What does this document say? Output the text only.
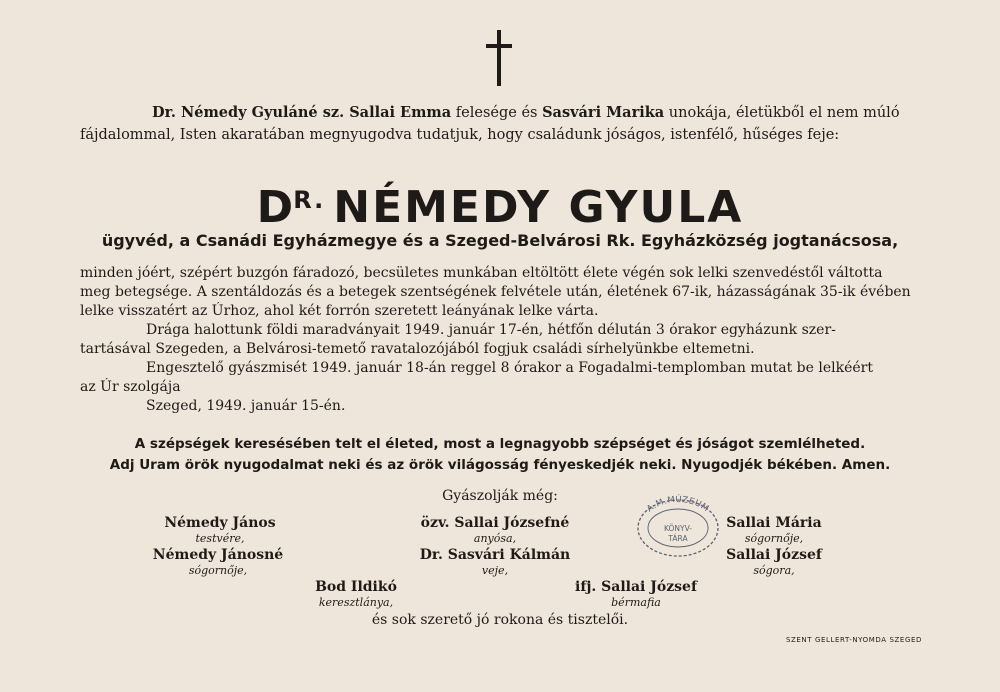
Dr. Némedy Gyuláné sz. Sallai Emma felesége és Sasvári Marika unokája, életükből el nem múló
fájdalommal, Isten akaratában megnyugodva tudatjuk, hogy családunk jóságos, istenfélő, hűséges feje:
$D^{R.}$ NÉMEDY GYULA
ügyvéd, a Csanádi Egyházmegye és a Szeged-Belvárosi Rk. Egyházközség jogtanácsosa,
minden jóért, szépért buzgón fáradozó, becsületes munkában eltöltött élete végén sok lelki szenvedéstől váltotta
meg betegsége. A szentáldozás és a betegek szentségének felvétele után, életének 67-ik, házasságának 35-ik évében
lelke visszatért az Úrhoz, ahol két forrón szeretett leányának lelke várta.
Drága halottunk földi maradványait 1949. január 17-én, hétfőn délután 3 órakor egyházunk szer-
tartásával Szegeden, a Belvárosi-temető ravatalozójából fogjuk családi sírhelyünkbe eltemetni.
Engesztelő gyászmisét 1949. január 18-án reggel 8 órakor a Fogadalmi-templomban mutat be lelkéért
az Úr szolgája
Szeged, 1949. január 15-én.
A szépségek keresésében telt el életed, most a legnagyobb szépséget és jóságot szemlélheted.
Adj Uram örök nyugodalmat neki és az örök világosság fényeskedjék neki. Nyugodjék békében. Amen.
Gyászolják még:
Némedy János
testvére,
Némedy Jánosné
sógornője,
özv. Sallai Józsefné
anyósa,
Dr. Sasvári Kálmán
veje,
Sallai Mária
sógornője,
Sallai József
sógora,
Bod Ildikó
keresztlánya,
ifj. Sallai József
bérmafia
A.M.MÚZEUM
KÖNYV-
TÁRA
és sok szerető jó rokona és tisztelői.
SZENT GELLERT-NYOMDA SZEGED
